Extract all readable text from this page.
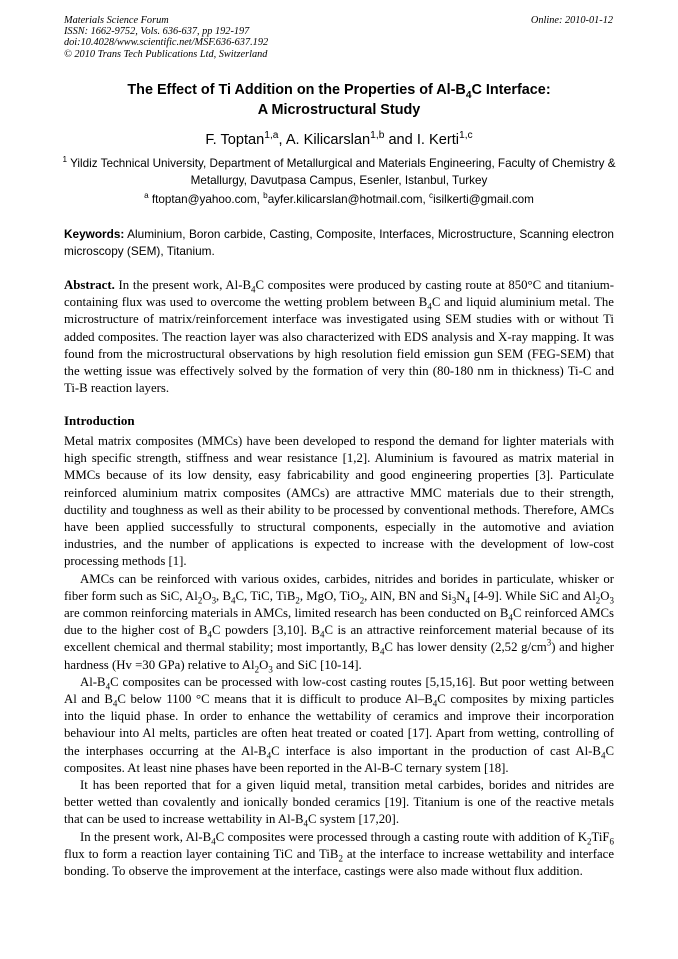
Materials Science Forum
ISSN: 1662-9752, Vols. 636-637, pp 192-197
doi:10.4028/www.scientific.net/MSF.636-637.192
© 2010 Trans Tech Publications Ltd, Switzerland
Online: 2010-01-12
The Effect of Ti Addition on the Properties of $Al-B_4C$ Interface:
A Microstructural Study
F. Toptan$^{1,a}$, A. Kilicarslan$^{1,b}$ and I. Kerti$^{1,c}$
$^1$ Yildiz Technical University, Department of Metallurgical and Materials Engineering, Faculty of Chemistry & Metallurgy, Davutpasa Campus, Esenler, Istanbul, Turkey
$^a$ ftoptan@yahoo.com, $^b$ayfer.kilicarslan@hotmail.com, $^c$isilkerti@gmail.com
Keywords: Aluminium, Boron carbide, Casting, Composite, Interfaces, Microstructure, Scanning electron microscopy (SEM), Titanium.
Abstract. In the present work, $Al-B_4C$ composites were produced by casting route at 850°C and titanium-containing flux was used to overcome the wetting problem between $B_4C$ and liquid aluminium metal. The microstructure of matrix/reinforcement interface was investigated using SEM studies with or without Ti added composites. The reaction layer was also characterized with EDS analysis and X-ray mapping. It was found from the microstructural observations by high resolution field emission gun SEM (FEG-SEM) that the wetting issue was effectively solved by the formation of very thin (80-180 nm in thickness) Ti-C and Ti-B reaction layers.
Introduction

Metal matrix composites (MMCs) have been developed to respond the demand for lighter materials with high specific strength, stiffness and wear resistance [1,2]. Aluminium is favoured as matrix material in MMCs because of its low density, easy fabricability and good engineering properties [3]. Particulate reinforced aluminium matrix composites (AMCs) are attractive MMC materials due to their strength, ductility and toughness as well as their ability to be processed by conventional methods. Therefore, AMCs have been applied successfully to structural components, especially in the automotive and aviation industries, and the number of applications is expected to increase with the development of low-cost processing methods [1].

AMCs can be reinforced with various oxides, carbides, nitrides and borides in particulate, whisker or fiber form such as SiC, $Al_2O_3$, $B_4C$, TiC, TiB$_2$, MgO, TiO$_2$, AlN, BN and $Si_3N_4$ [4-9]. While SiC and $Al_2O_3$ are common reinforcing materials in AMCs, limited research has been conducted on $B_4C$ reinforced AMCs due to the higher cost of $B_4C$ powders [3,10]. $B_4C$ is an attractive reinforcement material because of its excellent chemical and thermal stability; most importantly, $B_4C$ has lower density (2,52 $g/cm^3$) and higher hardness (Hv =30 GPa) relative to $Al_2O_3$ and SiC [10-14].

$Al-B_4C$ composites can be processed with low-cost casting routes [5,15,16]. But poor wetting between Al and $B_4C$ below 1100 °C means that it is difficult to produce $Al-B_4C$ composites by mixing particles into the liquid phase. In order to enhance the wettability of ceramics and improve their incorporation behaviour into Al melts, particles are often heat treated or coated [17]. Apart from wetting, controlling of the interphases occurring at the $Al-B_4C$ interface is also important in the production of cast $Al-B_4C$ composites. At least nine phases have been reported in the Al-B-C ternary system [18].

It has been reported that for a given liquid metal, transition metal carbides, borides and nitrides are better wetted than covalently and ionically bonded ceramics [19]. Titanium is one of the reactive metals that can be used to increase wettability in $Al-B_4C$ system [17,20].

In the present work, $Al-B_4C$ composites were processed through a casting route with addition of $K_2TiF_6$ flux to form a reaction layer containing TiC and TiB$_2$ at the interface to increase wettability and interface bonding. To observe the improvement at the interface, castings were also made without flux addition.
